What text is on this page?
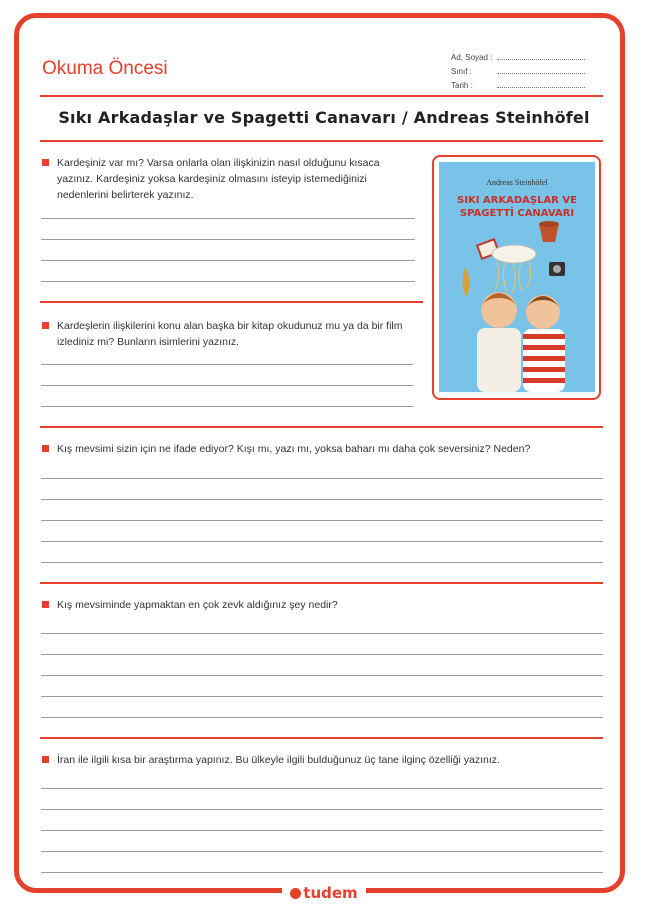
Okuma Öncesi
Ad, Soyad :
Sınıf :
Tarih :
Sıkı Arkadaşlar ve Spagetti Canavarı / Andreas Steinhöfel
Kardeşiniz var mı? Varsa onlarla olan ilişkinizin nasıl olduğunu kısaca yazınız. Kardeşiniz yoksa kardeşiniz olmasını isteyip istemediğinizi nedenlerini belirterek yazınız.
Kardeşlerin ilişkilerini konu alan başka bir kitap okudunuz mu ya da bir film izlediniz mi? Bunların isimlerini yazınız.
Andreas Steinhöfel
SIKI ARKADAŞLAR VE
SPAGETTİ CANAVARI
Kış mevsimi sizin için ne ifade ediyor? Kışı mı, yazı mı, yoksa baharı mı daha çok seversiniz? Neden?
Kış mevsiminde yapmaktan en çok zevk aldığınız şey nedir?
İran ile ilgili kısa bir araştırma yapınız. Bu ülkeyle ilgili bulduğunuz üç tane ilginç özelliği yazınız.
tudem
